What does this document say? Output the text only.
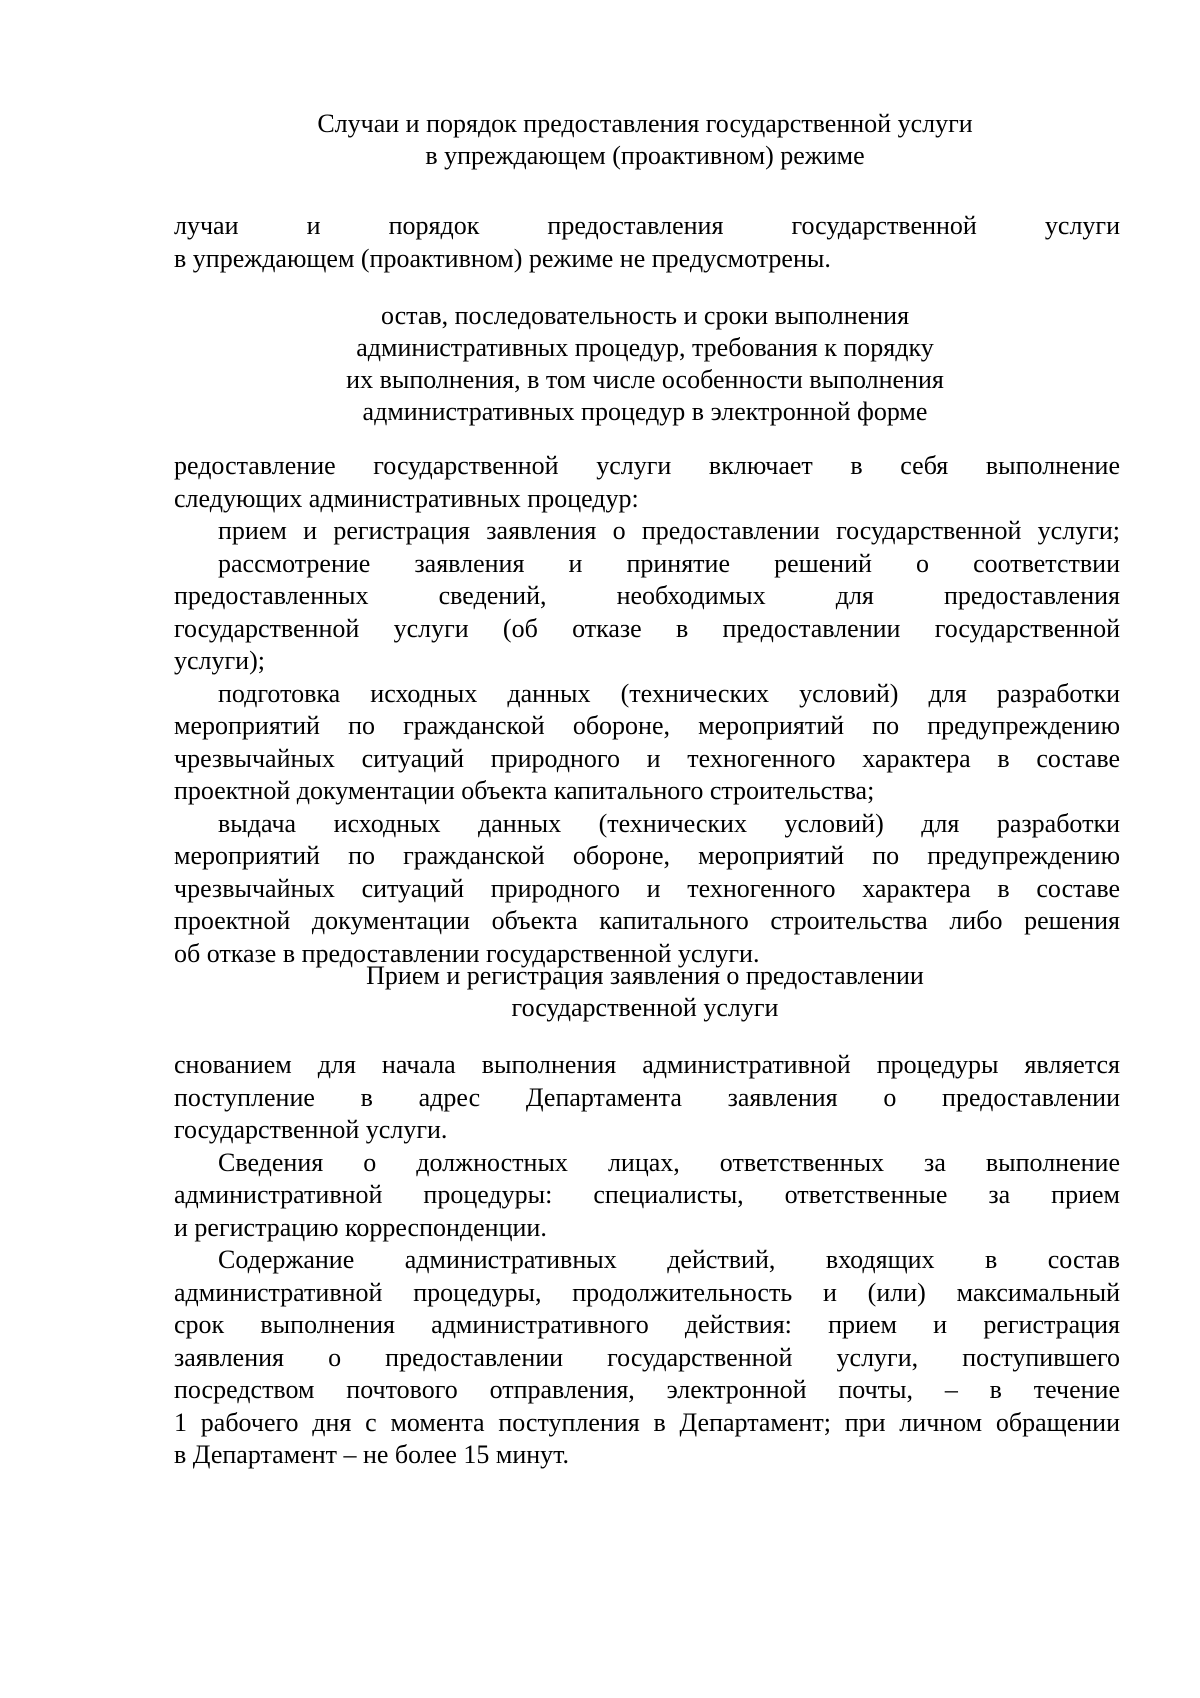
Случаи и порядок предоставления государственной услуги
в упреждающем (проактивном) режиме
лучаи и порядок предоставления государственной услуги
в упреждающем (проактивном) режиме не предусмотрены.
остав, последовательность и сроки выполнения
административных процедур, требования к порядку
их выполнения, в том числе особенности выполнения
административных процедур в электронной форме
редоставление государственной услуги включает в себя выполнение
следующих административных процедур:
прием и регистрация заявления о предоставлении государственной услуги;
рассмотрение заявления и принятие решений о соответствии
предоставленных сведений, необходимых для предоставления
государственной услуги (об отказе в предоставлении государственной
услуги);
подготовка исходных данных (технических условий) для разработки
мероприятий по гражданской обороне, мероприятий по предупреждению
чрезвычайных ситуаций природного и техногенного характера в составе
проектной документации объекта капитального строительства;
выдача исходных данных (технических условий) для разработки
мероприятий по гражданской обороне, мероприятий по предупреждению
чрезвычайных ситуаций природного и техногенного характера в составе
проектной документации объекта капитального строительства либо решения
об отказе в предоставлении государственной услуги.
Прием и регистрация заявления о предоставлении
государственной услуги
снованием для начала выполнения административной процедуры является
поступление в адрес Департамента заявления о предоставлении
государственной услуги.
Сведения о должностных лицах, ответственных за выполнение
административной процедуры: специалисты, ответственные за прием
и регистрацию корреспонденции.
Содержание административных действий, входящих в состав
административной процедуры, продолжительность и (или) максимальный
срок выполнения административного действия: прием и регистрация
заявления о предоставлении государственной услуги, поступившего
посредством почтового отправления, электронной почты, – в течение
1 рабочего дня с момента поступления в Департамент; при личном обращении
в Департамент – не более 15 минут.
